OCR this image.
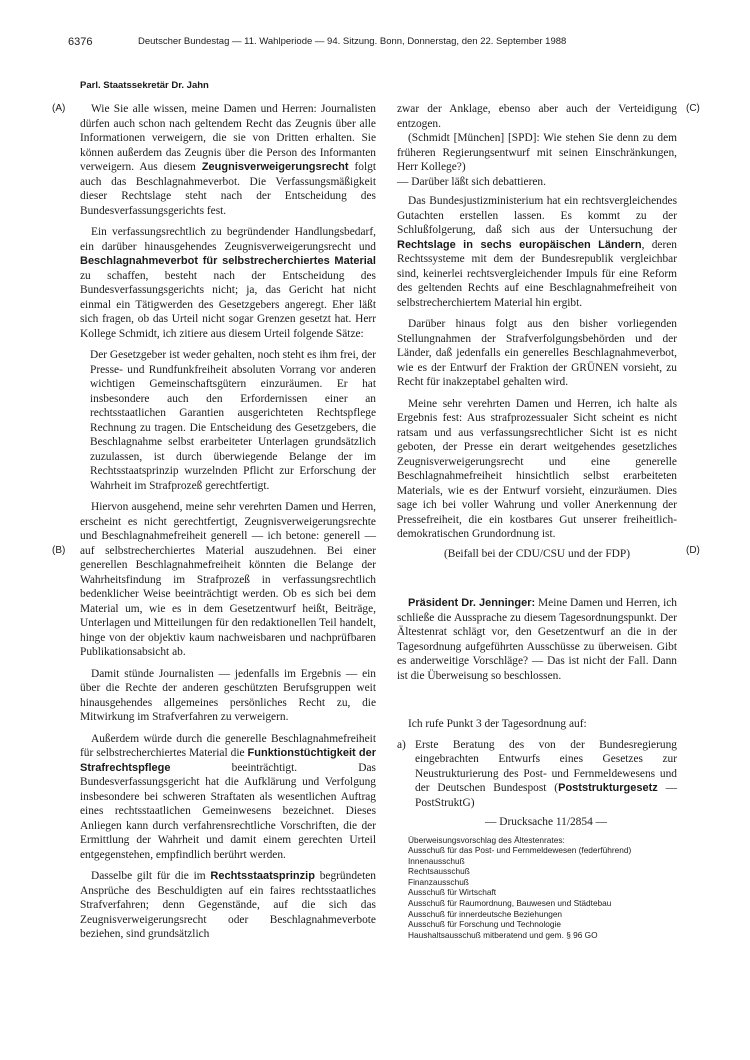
6376	Deutscher Bundestag — 11. Wahlperiode — 94. Sitzung. Bonn, Donnerstag, den 22. September 1988
Parl. Staatssekretär Dr. Jahn
(A)
(B)
(C)
(D)

Wie Sie alle wissen, meine Damen und Herren: Journalisten dürfen auch schon nach geltendem Recht das Zeugnis über alle Informationen verweigern, die sie von Dritten erhalten. Sie können außerdem das Zeugnis über die Person des Informanten verweigern. Aus diesem Zeugnisverweigerungsrecht folgt auch das Beschlagnahmeverbot. Die Verfassungsmäßigkeit dieser Rechtslage steht nach der Entscheidung des Bundesverfassungsgerichts fest.

Ein verfassungsrechtlich zu begründender Handlungsbedarf, ein darüber hinausgehendes Zeugnisverweigerungsrecht und Beschlagnahmeverbot für selbstrecherchiertes Material zu schaffen, besteht nach der Entscheidung des Bundesverfassungsgerichts nicht; ja, das Gericht hat nicht einmal ein Tätigwerden des Gesetzgebers angeregt. Eher läßt sich fragen, ob das Urteil nicht sogar Grenzen gesetzt hat. Herr Kollege Schmidt, ich zitiere aus diesem Urteil folgende Sätze:

Der Gesetzgeber ist weder gehalten, noch steht es ihm frei, der Presse- und Rundfunkfreiheit absoluten Vorrang vor anderen wichtigen Gemeinschaftsgütern einzuräumen. Er hat insbesondere auch den Erfordernissen einer an rechtsstaatlichen Garantien ausgerichteten Rechtspflege Rechnung zu tragen. Die Entscheidung des Gesetzgebers, die Beschlagnahme selbst erarbeiteter Unterlagen grundsätzlich zuzulassen, ist durch überwiegende Belange der im Rechtsstaatsprinzip wurzelnden Pflicht zur Erforschung der Wahrheit im Strafprozeß gerechtfertigt.

Hiervon ausgehend, meine sehr verehrten Damen und Herren, erscheint es nicht gerechtfertigt, Zeugnisverweigerungsrechte und Beschlagnahmefreiheit generell — ich betone: generell — auf selbstrecherchiertes Material auszudehnen. Bei einer generellen Beschlagnahmefreiheit könnten die Belange der Wahrheitsfindung im Strafprozeß in verfassungsrechtlich bedenklicher Weise beeinträchtigt werden. Ob es sich bei dem Material um, wie es in dem Gesetzentwurf heißt, Beiträge, Unterlagen und Mitteilungen für den redaktionellen Teil handelt, hinge von der objektiv kaum nachweisbaren und nachprüfbaren Publikationsabsicht ab.

Damit stünde Journalisten — jedenfalls im Ergebnis — ein über die Rechte der anderen geschützten Berufsgruppen weit hinausgehendes allgemeines persönliches Recht zu, die Mitwirkung im Strafverfahren zu verweigern.

Außerdem würde durch die generelle Beschlagnahmefreiheit für selbstrecherchiertes Material die Funktionstüchtigkeit der Strafrechtspflege beeinträchtigt. Das Bundesverfassungsgericht hat die Aufklärung und Verfolgung insbesondere bei schweren Straftaten als wesentlichen Auftrag eines rechtsstaatlichen Gemeinwesens bezeichnet. Dieses Anliegen kann durch verfahrensrechtliche Vorschriften, die der Ermittlung der Wahrheit und damit einem gerechten Urteil entgegenstehen, empfindlich berührt werden.

Dasselbe gilt für die im Rechtsstaatsprinzip begründeten Ansprüche des Beschuldigten auf ein faires rechtsstaatliches Strafverfahren; denn Gegenstände, auf die sich das Zeugnisverweigerungsrecht oder Beschlagnahmeverbote beziehen, sind grundsätzlich

zwar der Anklage, ebenso aber auch der Verteidigung entzogen.

(Schmidt [München] [SPD]: Wie stehen Sie denn zu dem früheren Regierungsentwurf mit seinen Einschränkungen, Herr Kollege?)

— Darüber läßt sich debattieren.

Das Bundesjustizministerium hat ein rechtsvergleichendes Gutachten erstellen lassen. Es kommt zu der Schlußfolgerung, daß sich aus der Untersuchung der Rechtslage in sechs europäischen Ländern, deren Rechtssysteme mit dem der Bundesrepublik vergleichbar sind, keinerlei rechtsvergleichender Impuls für eine Reform des geltenden Rechts auf eine Beschlagnahmefreiheit von selbstrecherchiertem Material hin ergibt.

Darüber hinaus folgt aus den bisher vorliegenden Stellungnahmen der Strafverfolgungsbehörden und der Länder, daß jedenfalls ein generelles Beschlagnahmeverbot, wie es der Entwurf der Fraktion der GRÜNEN vorsieht, zu Recht für inakzeptabel gehalten wird.

Meine sehr verehrten Damen und Herren, ich halte als Ergebnis fest: Aus strafprozessualer Sicht scheint es nicht ratsam und aus verfassungsrechtlicher Sicht ist es nicht geboten, der Presse ein derart weitgehendes gesetzliches Zeugnisverweigerungsrecht und eine generelle Beschlagnahmefreiheit hinsichtlich selbst erarbeiteten Materials, wie es der Entwurf vorsieht, einzuräumen. Dies sage ich bei voller Wahrung und voller Anerkennung der Pressefreiheit, die ein kostbares Gut unserer freiheitlich-demokratischen Grundordnung ist.

(Beifall bei der CDU/CSU und der FDP)

Präsident Dr. Jenninger: Meine Damen und Herren, ich schließe die Aussprache zu diesem Tagesordnungspunkt. Der Ältestenrat schlägt vor, den Gesetzentwurf an die in der Tagesordnung aufgeführten Ausschüsse zu überweisen. Gibt es anderweitige Vorschläge? — Das ist nicht der Fall. Dann ist die Überweisung so beschlossen.

Ich rufe Punkt 3 der Tagesordnung auf:

a) Erste Beratung des von der Bundesregierung eingebrachten Entwurfs eines Gesetzes zur Neustrukturierung des Post- und Fernmeldewesens und der Deutschen Bundespost (Poststrukturgesetz — PostStruktG)

— Drucksache 11/2854 —

Überweisungsvorschlag des Ältestenrates:

Ausschuß für das Post- und Fernmeldewesen (federführend)

Innenausschuß

Rechtsausschuß

Finanzausschuß

Ausschuß für Wirtschaft

Ausschuß für Raumordnung, Bauwesen und Städtebau

Ausschuß für innerdeutsche Beziehungen

Ausschuß für Forschung und Technologie

Haushaltsausschuß mitberatend und gem. § 96 GO
